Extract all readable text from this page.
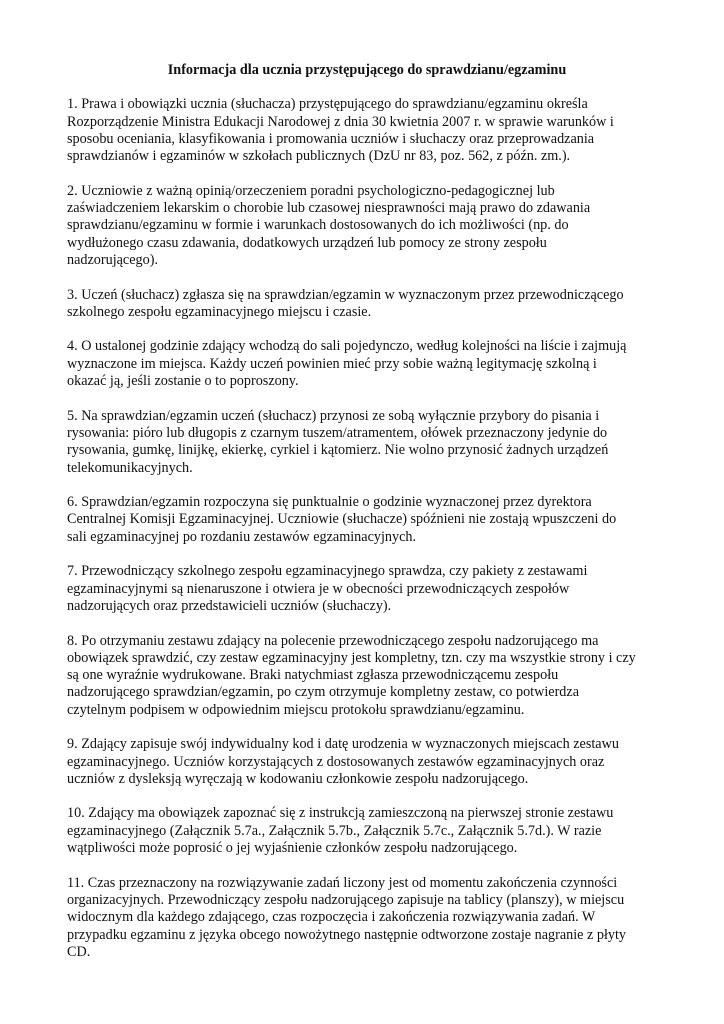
Informacja dla ucznia przystępującego do sprawdzianu/egzaminu
1. Prawa i obowiązki ucznia (słuchacza) przystępującego do sprawdzianu/egzaminu określa
Rozporządzenie Ministra Edukacji Narodowej z dnia 30 kwietnia 2007 r. w sprawie warunków i
sposobu oceniania, klasyfikowania i promowania uczniów i słuchaczy oraz przeprowadzania
sprawdzianów i egzaminów w szkołach publicznych (DzU nr 83, poz. 562, z późn. zm.).
2. Uczniowie z ważną opinią/orzeczeniem poradni psychologiczno-pedagogicznej lub
zaświadczeniem lekarskim o chorobie lub czasowej niesprawności mają prawo do zdawania
sprawdzianu/egzaminu w formie i warunkach dostosowanych do ich możliwości (np. do
wydłużonego czasu zdawania, dodatkowych urządzeń lub pomocy ze strony zespołu
nadzorującego).
3. Uczeń (słuchacz) zgłasza się na sprawdzian/egzamin w wyznaczonym przez przewodniczącego
szkolnego zespołu egzaminacyjnego miejscu i czasie.
4. O ustalonej godzinie zdający wchodzą do sali pojedynczo, według kolejności na liście i zajmują
wyznaczone im miejsca. Każdy uczeń powinien mieć przy sobie ważną legitymację szkolną i
okazać ją, jeśli zostanie o to poproszony.
5. Na sprawdzian/egzamin uczeń (słuchacz) przynosi ze sobą wyłącznie przybory do pisania i
rysowania: pióro lub długopis z czarnym tuszem/atramentem, ołówek przeznaczony jedynie do
rysowania, gumkę, linijkę, ekierkę, cyrkiel i kątomierz. Nie wolno przynosić żadnych urządzeń
telekomunikacyjnych.
6. Sprawdzian/egzamin rozpoczyna się punktualnie o godzinie wyznaczonej przez dyrektora
Centralnej Komisji Egzaminacyjnej. Uczniowie (słuchacze) spóźnieni nie zostają wpuszczeni do
sali egzaminacyjnej po rozdaniu zestawów egzaminacyjnych.
7. Przewodniczący szkolnego zespołu egzaminacyjnego sprawdza, czy pakiety z zestawami
egzaminacyjnymi są nienaruszone i otwiera je w obecności przewodniczących zespołów
nadzorujących oraz przedstawicieli uczniów (słuchaczy).
8. Po otrzymaniu zestawu zdający na polecenie przewodniczącego zespołu nadzorującego ma
obowiązek sprawdzić, czy zestaw egzaminacyjny jest kompletny, tzn. czy ma wszystkie strony i czy
są one wyraźnie wydrukowane. Braki natychmiast zgłasza przewodniczącemu zespołu
nadzorującego sprawdzian/egzamin, po czym otrzymuje kompletny zestaw, co potwierdza
czytelnym podpisem w odpowiednim miejscu protokołu sprawdzianu/egzaminu.
9. Zdający zapisuje swój indywidualny kod i datę urodzenia w wyznaczonych miejscach zestawu
egzaminacyjnego. Uczniów korzystających z dostosowanych zestawów egzaminacyjnych oraz
uczniów z dysleksją wyręczają w kodowaniu członkowie zespołu nadzorującego.
10. Zdający ma obowiązek zapoznać się z instrukcją zamieszczoną na pierwszej stronie zestawu
egzaminacyjnego (Załącznik 5.7a., Załącznik 5.7b., Załącznik 5.7c., Załącznik 5.7d.). W razie
wątpliwości może poprosić o jej wyjaśnienie członków zespołu nadzorującego.
11. Czas przeznaczony na rozwiązywanie zadań liczony jest od momentu zakończenia czynności
organizacyjnych. Przewodniczący zespołu nadzorującego zapisuje na tablicy (planszy), w miejscu
widocznym dla każdego zdającego, czas rozpoczęcia i zakończenia rozwiązywania zadań. W
przypadku egzaminu z języka obcego nowożytnego następnie odtworzone zostaje nagranie z płyty
CD.
